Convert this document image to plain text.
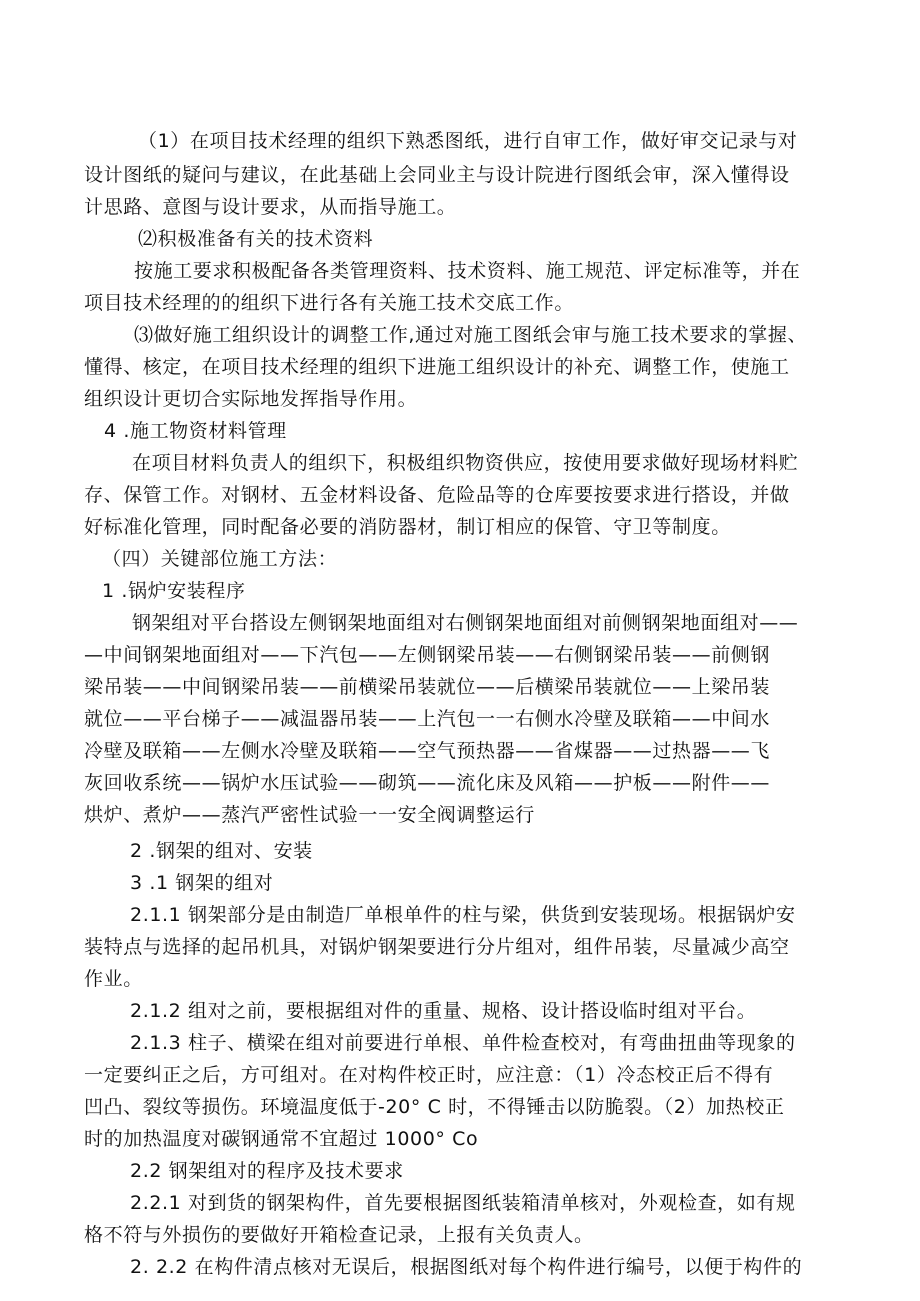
（1）在项目技术经理的组织下熟悉图纸，进行自审工作，做好审交记录与对
设计图纸的疑问与建议，在此基础上会同业主与设计院进行图纸会审，深入懂得设
计思路、意图与设计要求，从而指导施工。
⑵积极准备有关的技术资料
按施工要求积极配备各类管理资料、技术资料、施工规范、评定标准等，并在
项目技术经理的的组织下进行各有关施工技术交底工作。
⑶做好施工组织设计的调整工作,通过对施工图纸会审与施工技术要求的掌握、
懂得、核定，在项目技术经理的组织下进施工组织设计的补充、调整工作，使施工
组织设计更切合实际地发挥指导作用。
4 .施工物资材料管理
在项目材料负责人的组织下，积极组织物资供应，按使用要求做好现场材料贮
存、保管工作。对钢材、五金材料设备、危险品等的仓库要按要求进行搭设，并做
好标准化管理，同时配备必要的消防器材，制订相应的保管、守卫等制度。
（四）关键部位施工方法：
1 .锅炉安装程序
钢架组对平台搭设左侧钢架地面组对右侧钢架地面组对前侧钢架地面组对——
—中间钢架地面组对——下汽包——左侧钢梁吊装——右侧钢梁吊装——前侧钢
梁吊装——中间钢梁吊装——前横梁吊装就位——后横梁吊装就位——上梁吊装
就位——平台梯子——减温器吊装——上汽包一一右侧水冷壁及联箱——中间水
冷壁及联箱——左侧水冷壁及联箱——空气预热器——省煤器——过热器——飞
灰回收系统——锅炉水压试验——砌筑——流化床及风箱——护板——附件——
烘炉、煮炉——蒸汽严密性试验一一安全阀调整运行
2 .钢架的组对、安装
3 .1 钢架的组对
2.1.1 钢架部分是由制造厂单根单件的柱与梁，供货到安装现场。根据锅炉安
装特点与选择的起吊机具，对锅炉钢架要进行分片组对，组件吊装，尽量减少高空
作业。
2.1.2 组对之前，要根据组对件的重量、规格、设计搭设临时组对平台。
2.1.3 柱子、横梁在组对前要进行单根、单件检查校对，有弯曲扭曲等现象的
一定要纠正之后，方可组对。在对构件校正时，应注意：（1）冷态校正后不得有
凹凸、裂纹等损伤。环境温度低于-20° C 时，不得锤击以防脆裂。（2）加热校正
时的加热温度对碳钢通常不宜超过 1000° Co
2.2 钢架组对的程序及技术要求
2.2.1 对到货的钢架构件，首先要根据图纸装箱清单核对，外观检查，如有规
格不符与外损伤的要做好开箱检查记录，上报有关负责人。
2. 2.2 在构件清点核对无误后，根据图纸对每个构件进行编号，以便于构件的
